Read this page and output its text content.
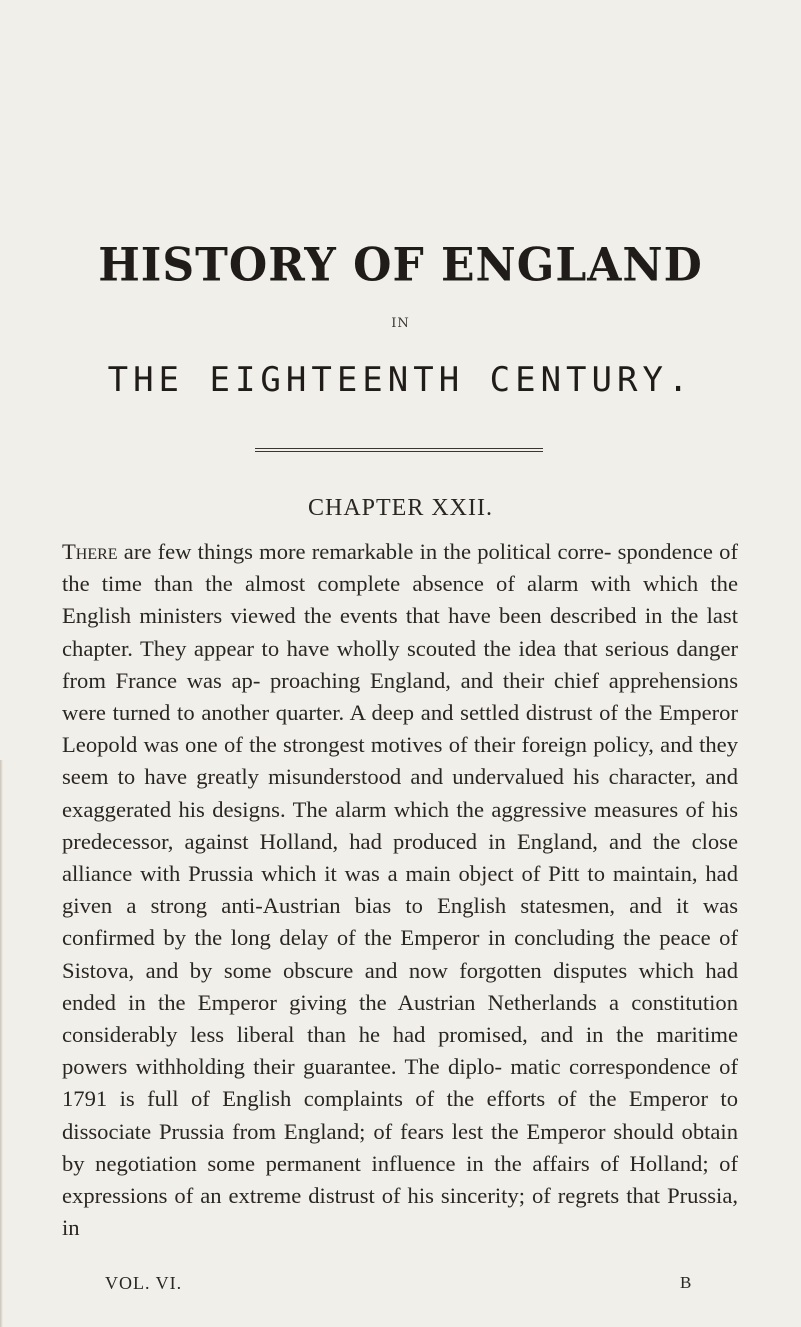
HISTORY OF ENGLAND
IN
THE EIGHTEENTH CENTURY.
CHAPTER XXII.
There are few things more remarkable in the political corre- spondence of the time than the almost complete absence of alarm with which the English ministers viewed the events that have been described in the last chapter. They appear to have wholly scouted the idea that serious danger from France was ap- proaching England, and their chief apprehensions were turned to another quarter. A deep and settled distrust of the Emperor Leopold was one of the strongest motives of their foreign policy, and they seem to have greatly misunderstood and undervalued his character, and exaggerated his designs. The alarm which the aggressive measures of his predecessor, against Holland, had produced in England, and the close alliance with Prussia which it was a main object of Pitt to maintain, had given a strong anti-Austrian bias to English statesmen, and it was confirmed by the long delay of the Emperor in concluding the peace of Sistova, and by some obscure and now forgotten disputes which had ended in the Emperor giving the Austrian Netherlands a constitution considerably less liberal than he had promised, and in the maritime powers withholding their guarantee. The diplo- matic correspondence of 1791 is full of English complaints of the efforts of the Emperor to dissociate Prussia from England; of fears lest the Emperor should obtain by negotiation some permanent influence in the affairs of Holland; of expressions of an extreme distrust of his sincerity; of regrets that Prussia, in
VOL. VI.	B
